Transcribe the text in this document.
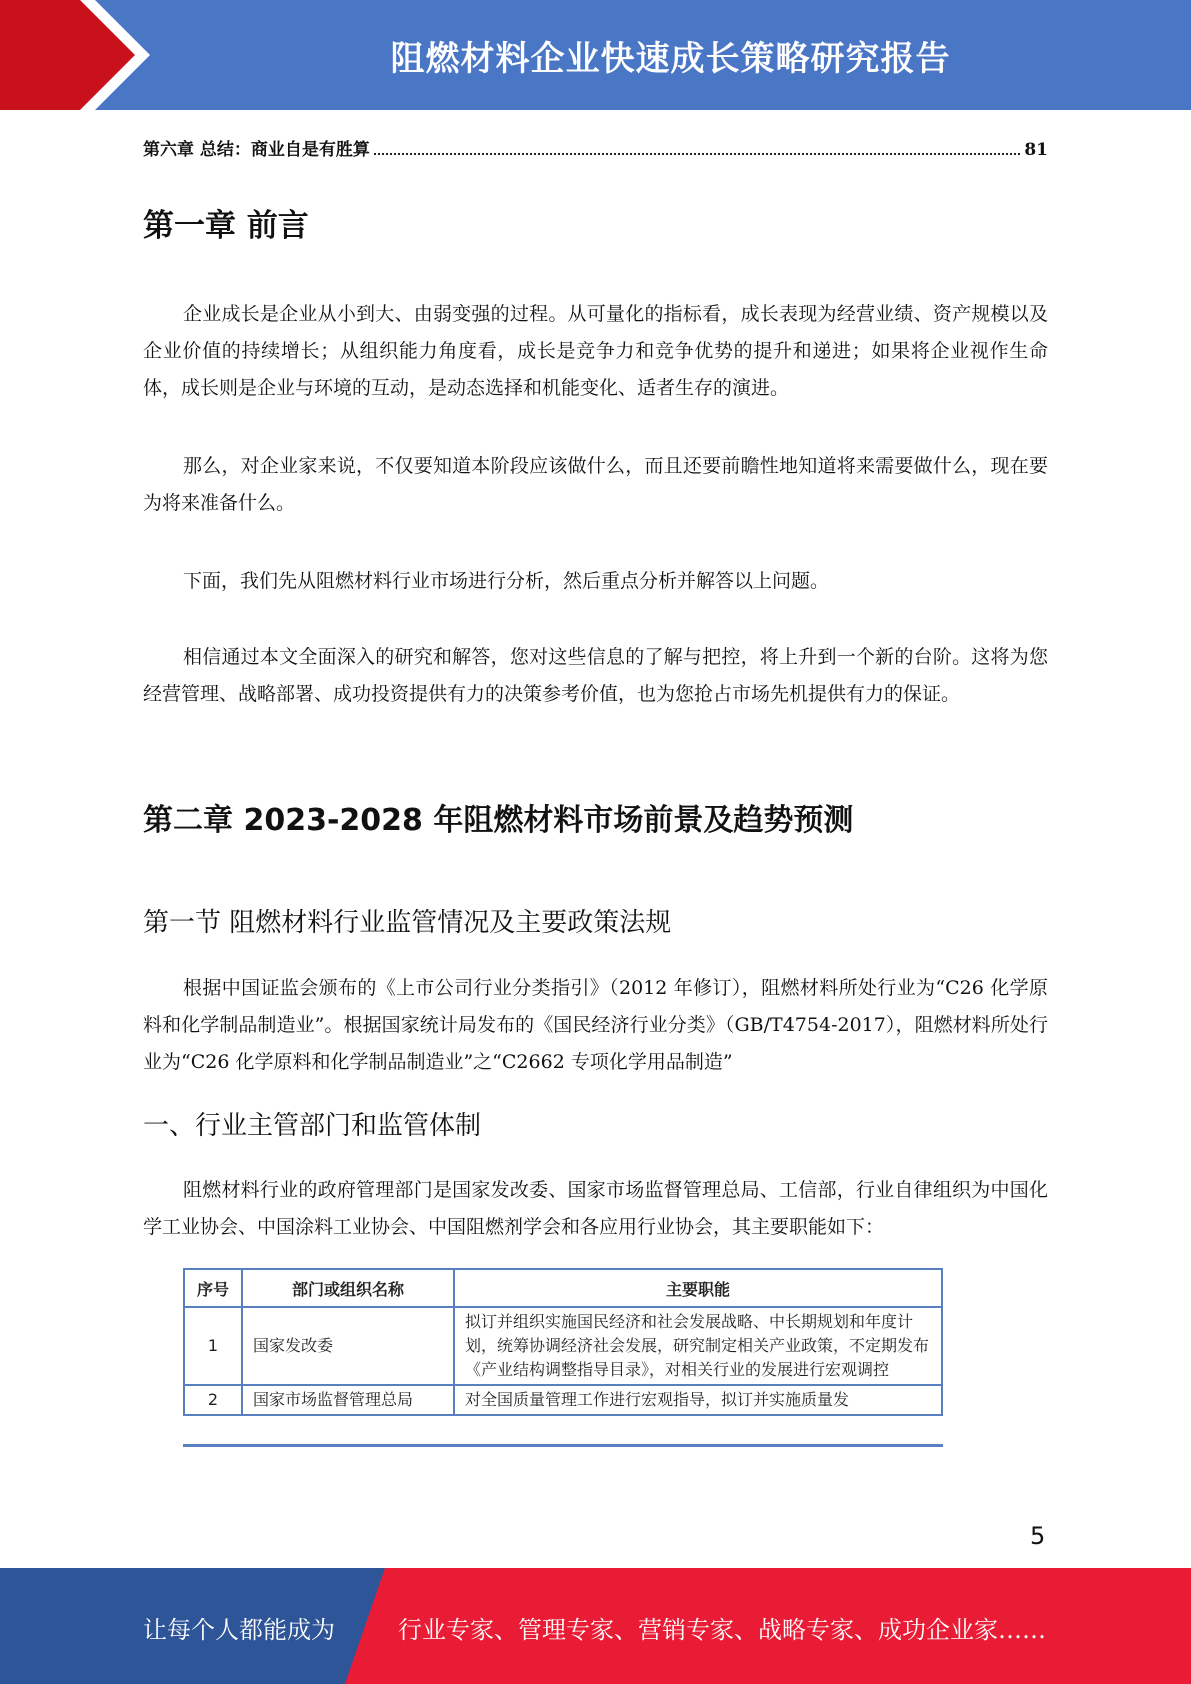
阻燃材料企业快速成长策略研究报告
第六章 总结：商业自是有胜算	81
第一章 前言

企业成长是企业从小到大、由弱变强的过程。从可量化的指标看，成长表现为经营业绩、资产规模以及企业价值的持续增长；从组织能力角度看，成长是竞争力和竞争优势的提升和递进；如果将企业视作生命体，成长则是企业与环境的互动，是动态选择和机能变化、适者生存的演进。

那么，对企业家来说，不仅要知道本阶段应该做什么，而且还要前瞻性地知道将来需要做什么，现在要为将来准备什么。

下面，我们先从阻燃材料行业市场进行分析，然后重点分析并解答以上问题。

相信通过本文全面深入的研究和解答，您对这些信息的了解与把控，将上升到一个新的台阶。这将为您经营管理、战略部署、成功投资提供有力的决策参考价值，也为您抢占市场先机提供有力的保证。

第二章 2023-2028 年阻燃材料市场前景及趋势预测
第一节 阻燃材料行业监管情况及主要政策法规

根据中国证监会颁布的《上市公司行业分类指引》（2012 年修订），阻燃材料所处行业为“C26 化学原料和化学制品制造业”。根据国家统计局发布的《国民经济行业分类》（GB/T4754-2017），阻燃材料所处行业为“C26 化学原料和化学制品制造业”之“C2662 专项化学用品制造”

一、行业主管部门和监管体制

阻燃材料行业的政府管理部门是国家发改委、国家市场监督管理总局、工信部，行业自律组织为中国化学工业协会、中国涂料工业协会、中国阻燃剂学会和各应用行业协会，其主要职能如下：

序号	部门或组织名称	主要职能
1	国家发改委	拟订并组织实施国民经济和社会发展战略、中长期规划和年度计划，统筹协调经济社会发展，研究制定相关产业政策，不定期发布《产业结构调整指导目录》，对相关行业的发展进行宏观调控
2	国家市场监督管理总局	对全国质量管理工作进行宏观指导，拟订并实施质量发
5
让每个人都能成为	行业专家、管理专家、营销专家、战略专家、成功企业家……
